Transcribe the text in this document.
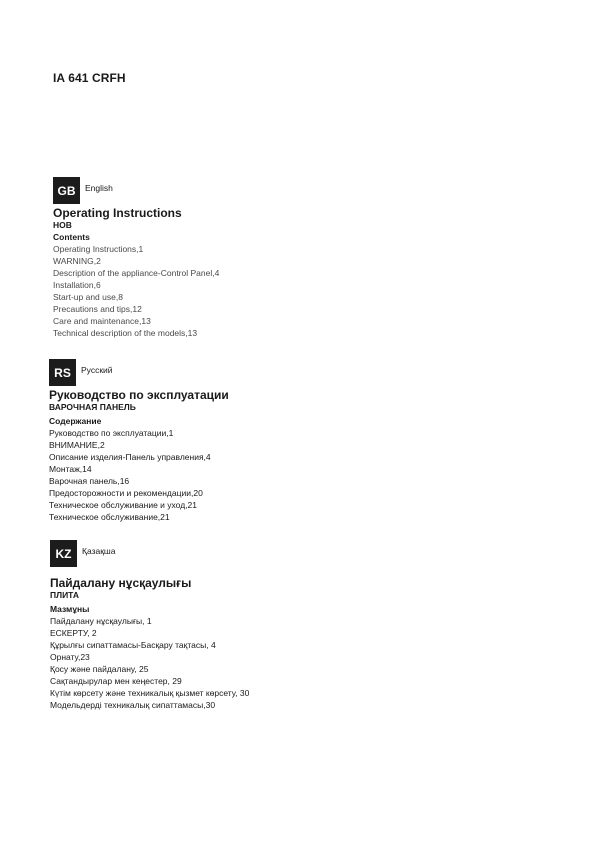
IA 641 CRFH
GB	English
Operating Instructions
HOB
Contents
Operating Instructions,1
WARNING,2
Description of the appliance-Control Panel,4
Installation,6
Start-up and use,8
Precautions and tips,12
Care and maintenance,13
Technical description of the models,13
RS	Русский
Руководство по эксплуатации
ВАРОЧНАЯ ПАНЕЛЬ
Содержание
Руководство по эксплуатации,1
ВНИМАНИЕ,2
Описание изделия-Панель управления,4
Монтаж,14
Варочная панель,16
Предосторожности и рекомендации,20
Техническое обслуживание и уход,21
Техническое обслуживание,21
KZ	Қазақша
Пайдалану нұсқаулығы
ПЛИТА
Мазмұны
Пайдалану нұсқаулығы, 1
ЕСКЕРТУ, 2
Құрылғы сипаттамасы-Басқару тақтасы, 4
Орнату,23
Қосу және пайдалану, 25
Сақтандырулар мен кеңестер, 29
Күтім көрсету және техникалық қызмет көрсету, 30
Модельдерді техникалық сипаттамасы,30
